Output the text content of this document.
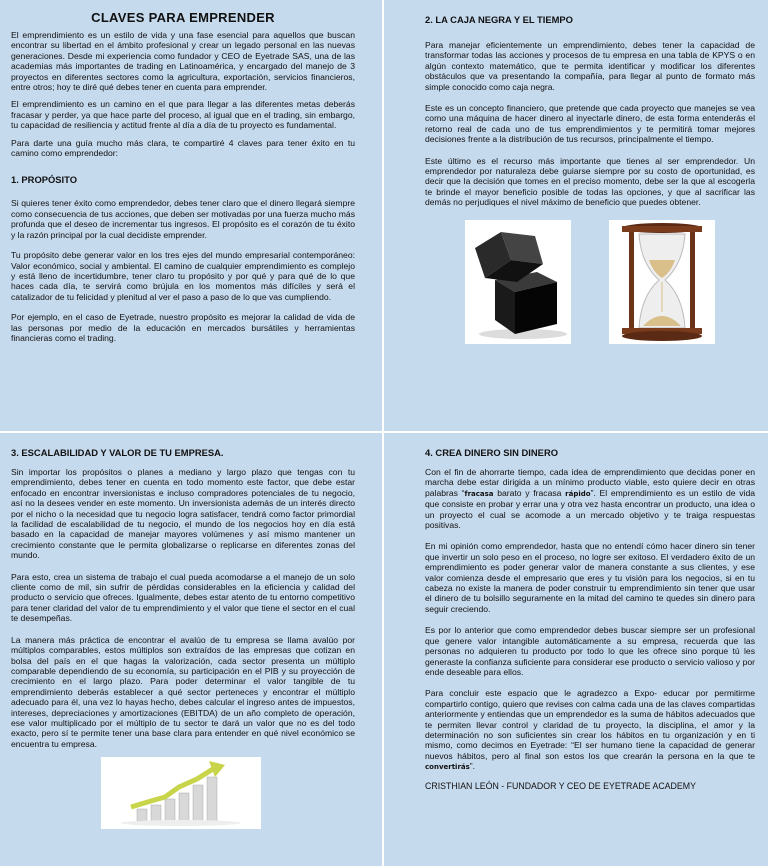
CLAVES PARA EMPRENDER

El emprendimiento es un estilo de vida y una fase esencial para aquellos que buscan encontrar su libertad en el ámbito profesional y crear un legado personal en las nuevas generaciones. Desde mi experiencia como fundador y CEO de Eyetrade SAS, una de las academias más importantes de trading en Latinoamérica, y encargado del manejo de 3 proyectos en diferentes sectores como la agricultura, exportación, servicios financieros, entre otros; hoy te diré qué debes tener en cuenta para emprender.

El emprendimiento es un camino en el que para llegar a las diferentes metas deberás fracasar y perder, ya que hace parte del proceso, al igual que en el trading, sin embargo, tu capacidad de resiliencia y actitud frente al día a día de tu proyecto es fundamental.

Para darte una guía mucho más clara, te compartiré 4 claves para tener éxito en tu camino como emprendedor:

1. PROPÓSITO

Si quieres tener éxito como emprendedor, debes tener claro que el dinero llegará siempre como consecuencia de tus acciones, que deben ser motivadas por una fuerza mucho más profunda que el deseo de incrementar tus ingresos. El propósito es el corazón de tu éxito y la razón principal por la cual decidiste emprender.

Tu propósito debe generar valor en los tres ejes del mundo empresarial contemporáneo: Valor económico, social y ambiental. El camino de cualquier emprendimiento es complejo y está lleno de incertidumbre, tener claro tu propósito y por qué y para qué de lo que haces cada día, te servirá como brújula en los momentos más difíciles y será el catalizador de tu felicidad y plenitud al ver el paso a paso de lo que vas cumpliendo.

Por ejemplo, en el caso de Eyetrade, nuestro propósito es mejorar la calidad de vida de las personas por medio de la educación en mercados bursátiles y herramientas financieras como el trading.

2. LA CAJA NEGRA Y EL TIEMPO

Para manejar eficientemente un emprendimiento, debes tener la capacidad de transformar todas las acciones y procesos de tu empresa en una tabla de KPYS o en algún contexto matemático, que te permita identificar y modificar los diferentes obstáculos que va presentando la compañía, para llegar al punto de formato más simple conocido como caja negra.

Este es un concepto financiero, que pretende que cada proyecto que manejes se vea como una máquina de hacer dinero al inyectarle dinero, de esta forma entenderás el retorno real de cada uno de tus emprendimientos y te permitirá tomar mejores decisiones frente a la distribución de tus recursos, principalmente el tiempo.

Este último es el recurso más importante que tienes al ser emprendedor. Un emprendedor por naturaleza debe guiarse siempre por su costo de oportunidad, es decir que la decisión que tomes en el preciso momento, debe ser la que al escogerla te brinde el mayor beneficio posible de todas las opciones, y que al sacrificar las demás no perjudiques el nivel máximo de beneficio que puedes obtener.

3. ESCALABILIDAD Y VALOR DE TU EMPRESA.

Sin importar los propósitos o planes a mediano y largo plazo que tengas con tu emprendimiento, debes tener en cuenta en todo momento este factor, que debe estar enfocado en encontrar inversionistas e incluso compradores potenciales de tu negocio, así no la desees vender en este momento. Un inversionista además de un interés directo por el nicho o la necesidad que tu negocio logra satisfacer, tendrá como factor primordial la facilidad de escalabilidad de tu negocio, el mundo de los negocios hoy en día está basado en la capacidad de manejar mayores volúmenes y así mismo mantener un crecimiento constante que le permita globalizarse o replicarse en diferentes zonas del mundo.

Para esto, crea un sistema de trabajo el cual pueda acomodarse a el manejo de un solo cliente como de mil, sin sufrir de pérdidas considerables en la eficiencia y calidad del producto o servicio que ofreces. Igualmente, debes estar atento de tu entorno competitivo para tener claridad del valor de tu emprendimiento y el valor que tiene el sector en el cual te desempeñas.

La manera más práctica de encontrar el avalúo de tu empresa se llama avalúo por múltiplos comparables, estos múltiplos son extraídos de las empresas que cotizan en bolsa del país en el que hagas la valorización, cada sector presenta un múltiplo comparable dependiendo de su economía, su participación en el PIB y su proyección de crecimiento en el largo plazo. Para poder determinar el valor tangible de tu emprendimiento deberás establecer a qué sector perteneces y encontrar el múltiplo adecuado para él, una vez lo hayas hecho, debes calcular el ingreso antes de impuestos, intereses, depreciaciones y amortizaciones (EBITDA) de un año completo de operación, ese valor multiplicado por el múltiplo de tu sector te dará un valor que no es del todo exacto, pero sí te permite tener una base clara para entender en qué nivel económico se encuentra tu empresa.

4. CREA DINERO SIN DINERO

Con el fin de ahorrarte tiempo, cada idea de emprendimiento que decidas poner en marcha debe estar dirigida a un mínimo producto viable, esto quiere decir en otras palabras “fracasa barato y fracasa rápido”. El emprendimiento es un estilo de vida que consiste en probar y errar una y otra vez hasta encontrar un producto, una idea o un proyecto el cual se acomode a un mercado objetivo y te traiga respuestas positivas.

En mi opinión como emprendedor, hasta que no entendí cómo hacer dinero sin tener que invertir un solo peso en el proceso, no logre ser exitoso. El verdadero éxito de un emprendimiento es poder generar valor de manera constante a sus clientes, y ese valor comienza desde el empresario que eres y tu visión para los negocios, si en tu cabeza no existe la manera de poder construir tu emprendimiento sin tener que usar el dinero de tu bolsillo seguramente en la mitad del camino te quedes sin dinero para seguir creciendo.

Es por lo anterior que como emprendedor debes buscar siempre ser un profesional que genere valor intangible automáticamente a su empresa, recuerda que las personas no adquieren tu producto por todo lo que les ofrece sino porque tú les generaste la confianza suficiente para considerar ese producto o servicio valioso y por ende deseable para ellos.

Para concluir este espacio que le agradezco a Expo- educar por permitirme compartirlo contigo, quiero que revises con calma cada una de las claves compartidas anteriormente y entiendas que un emprendedor es la suma de hábitos adecuados que te permiten llevar control y claridad de tu proyecto, la disciplina, el amor y la determinación no son suficientes sin crear los hábitos en tu organización y en ti mismo, como decimos en Eyetrade: “El ser humano tiene la capacidad de generar nuevos hábitos, pero al final son estos los que crearán la persona en la que te convertirás”.

CRISTHIAN LEÓN - FUNDADOR Y CEO DE EYETRADE ACADEMY
